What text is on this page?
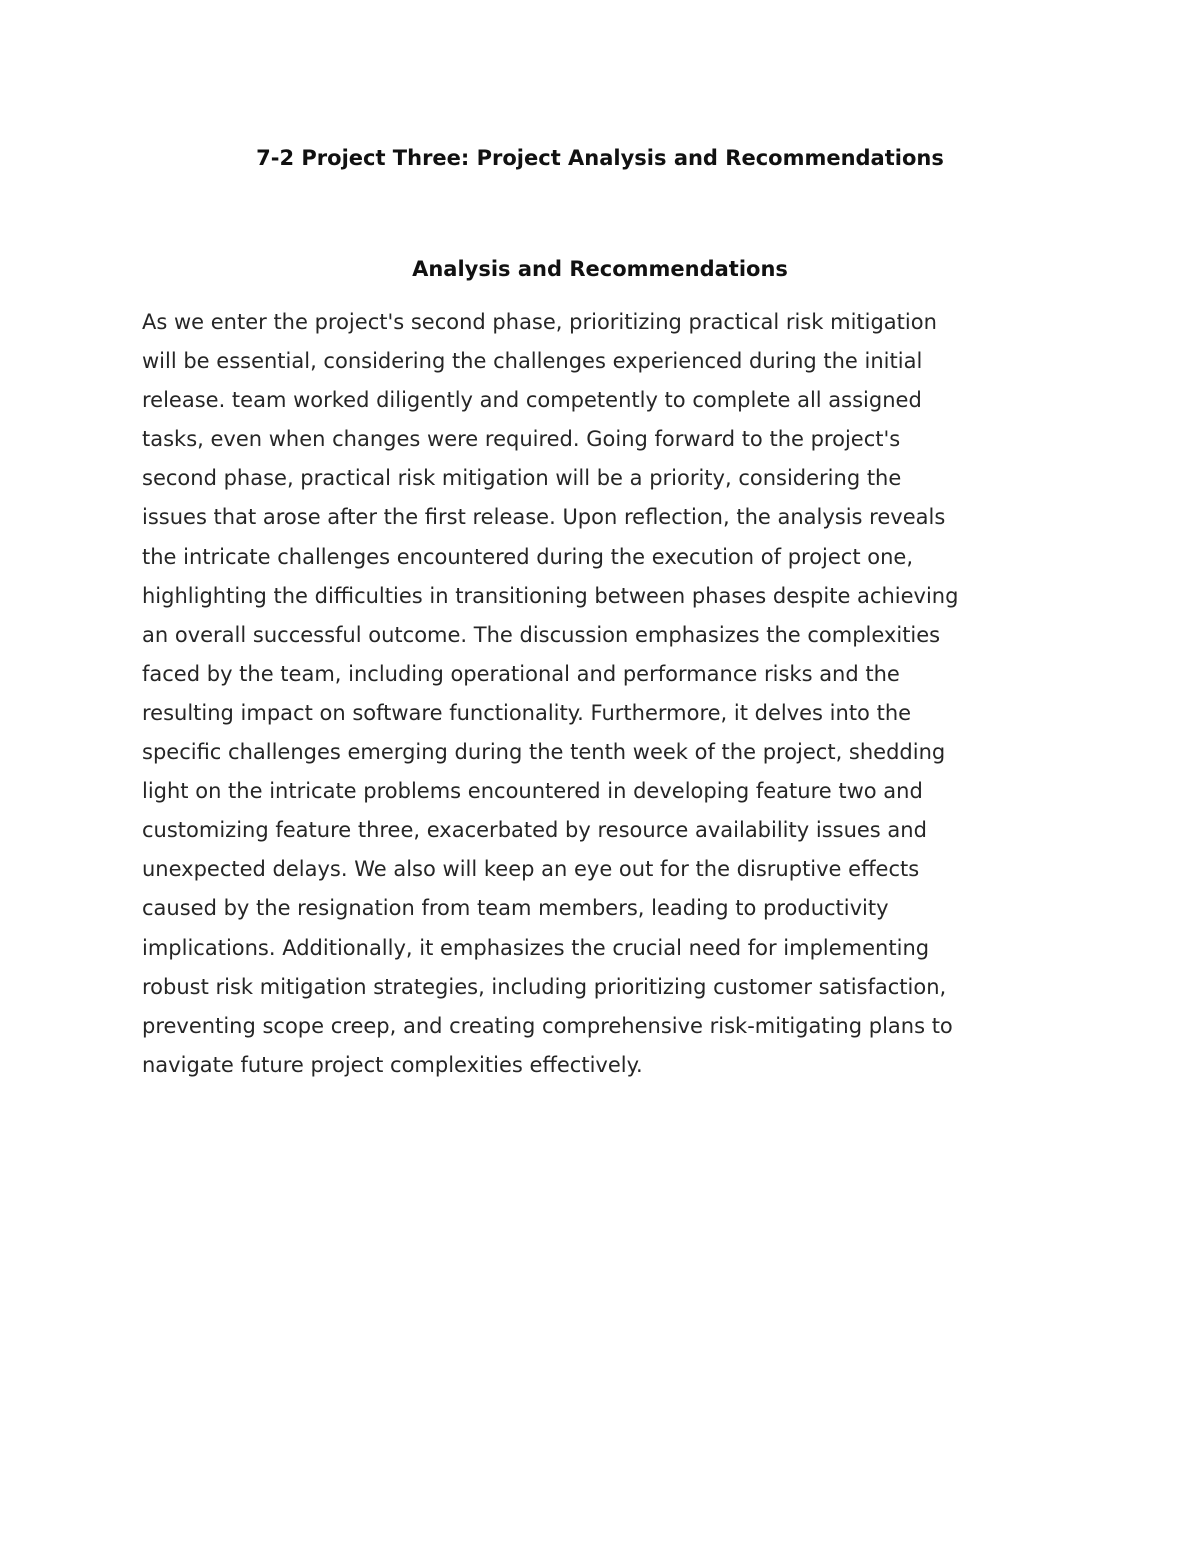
7-2 Project Three: Project Analysis and Recommendations
Analysis and Recommendations

As we enter the project's second phase, prioritizing practical risk mitigation
will be essential, considering the challenges experienced during the initial
release. team worked diligently and competently to complete all assigned
tasks, even when changes were required. Going forward to the project's
second phase, practical risk mitigation will be a priority, considering the
issues that arose after the first release. Upon reflection, the analysis reveals
the intricate challenges encountered during the execution of project one,
highlighting the difficulties in transitioning between phases despite achieving
an overall successful outcome. The discussion emphasizes the complexities
faced by the team, including operational and performance risks and the
resulting impact on software functionality. Furthermore, it delves into the
specific challenges emerging during the tenth week of the project, shedding
light on the intricate problems encountered in developing feature two and
customizing feature three, exacerbated by resource availability issues and
unexpected delays. We also will keep an eye out for the disruptive effects
caused by the resignation from team members, leading to productivity
implications. Additionally, it emphasizes the crucial need for implementing
robust risk mitigation strategies, including prioritizing customer satisfaction,
preventing scope creep, and creating comprehensive risk-mitigating plans to
navigate future project complexities effectively.
